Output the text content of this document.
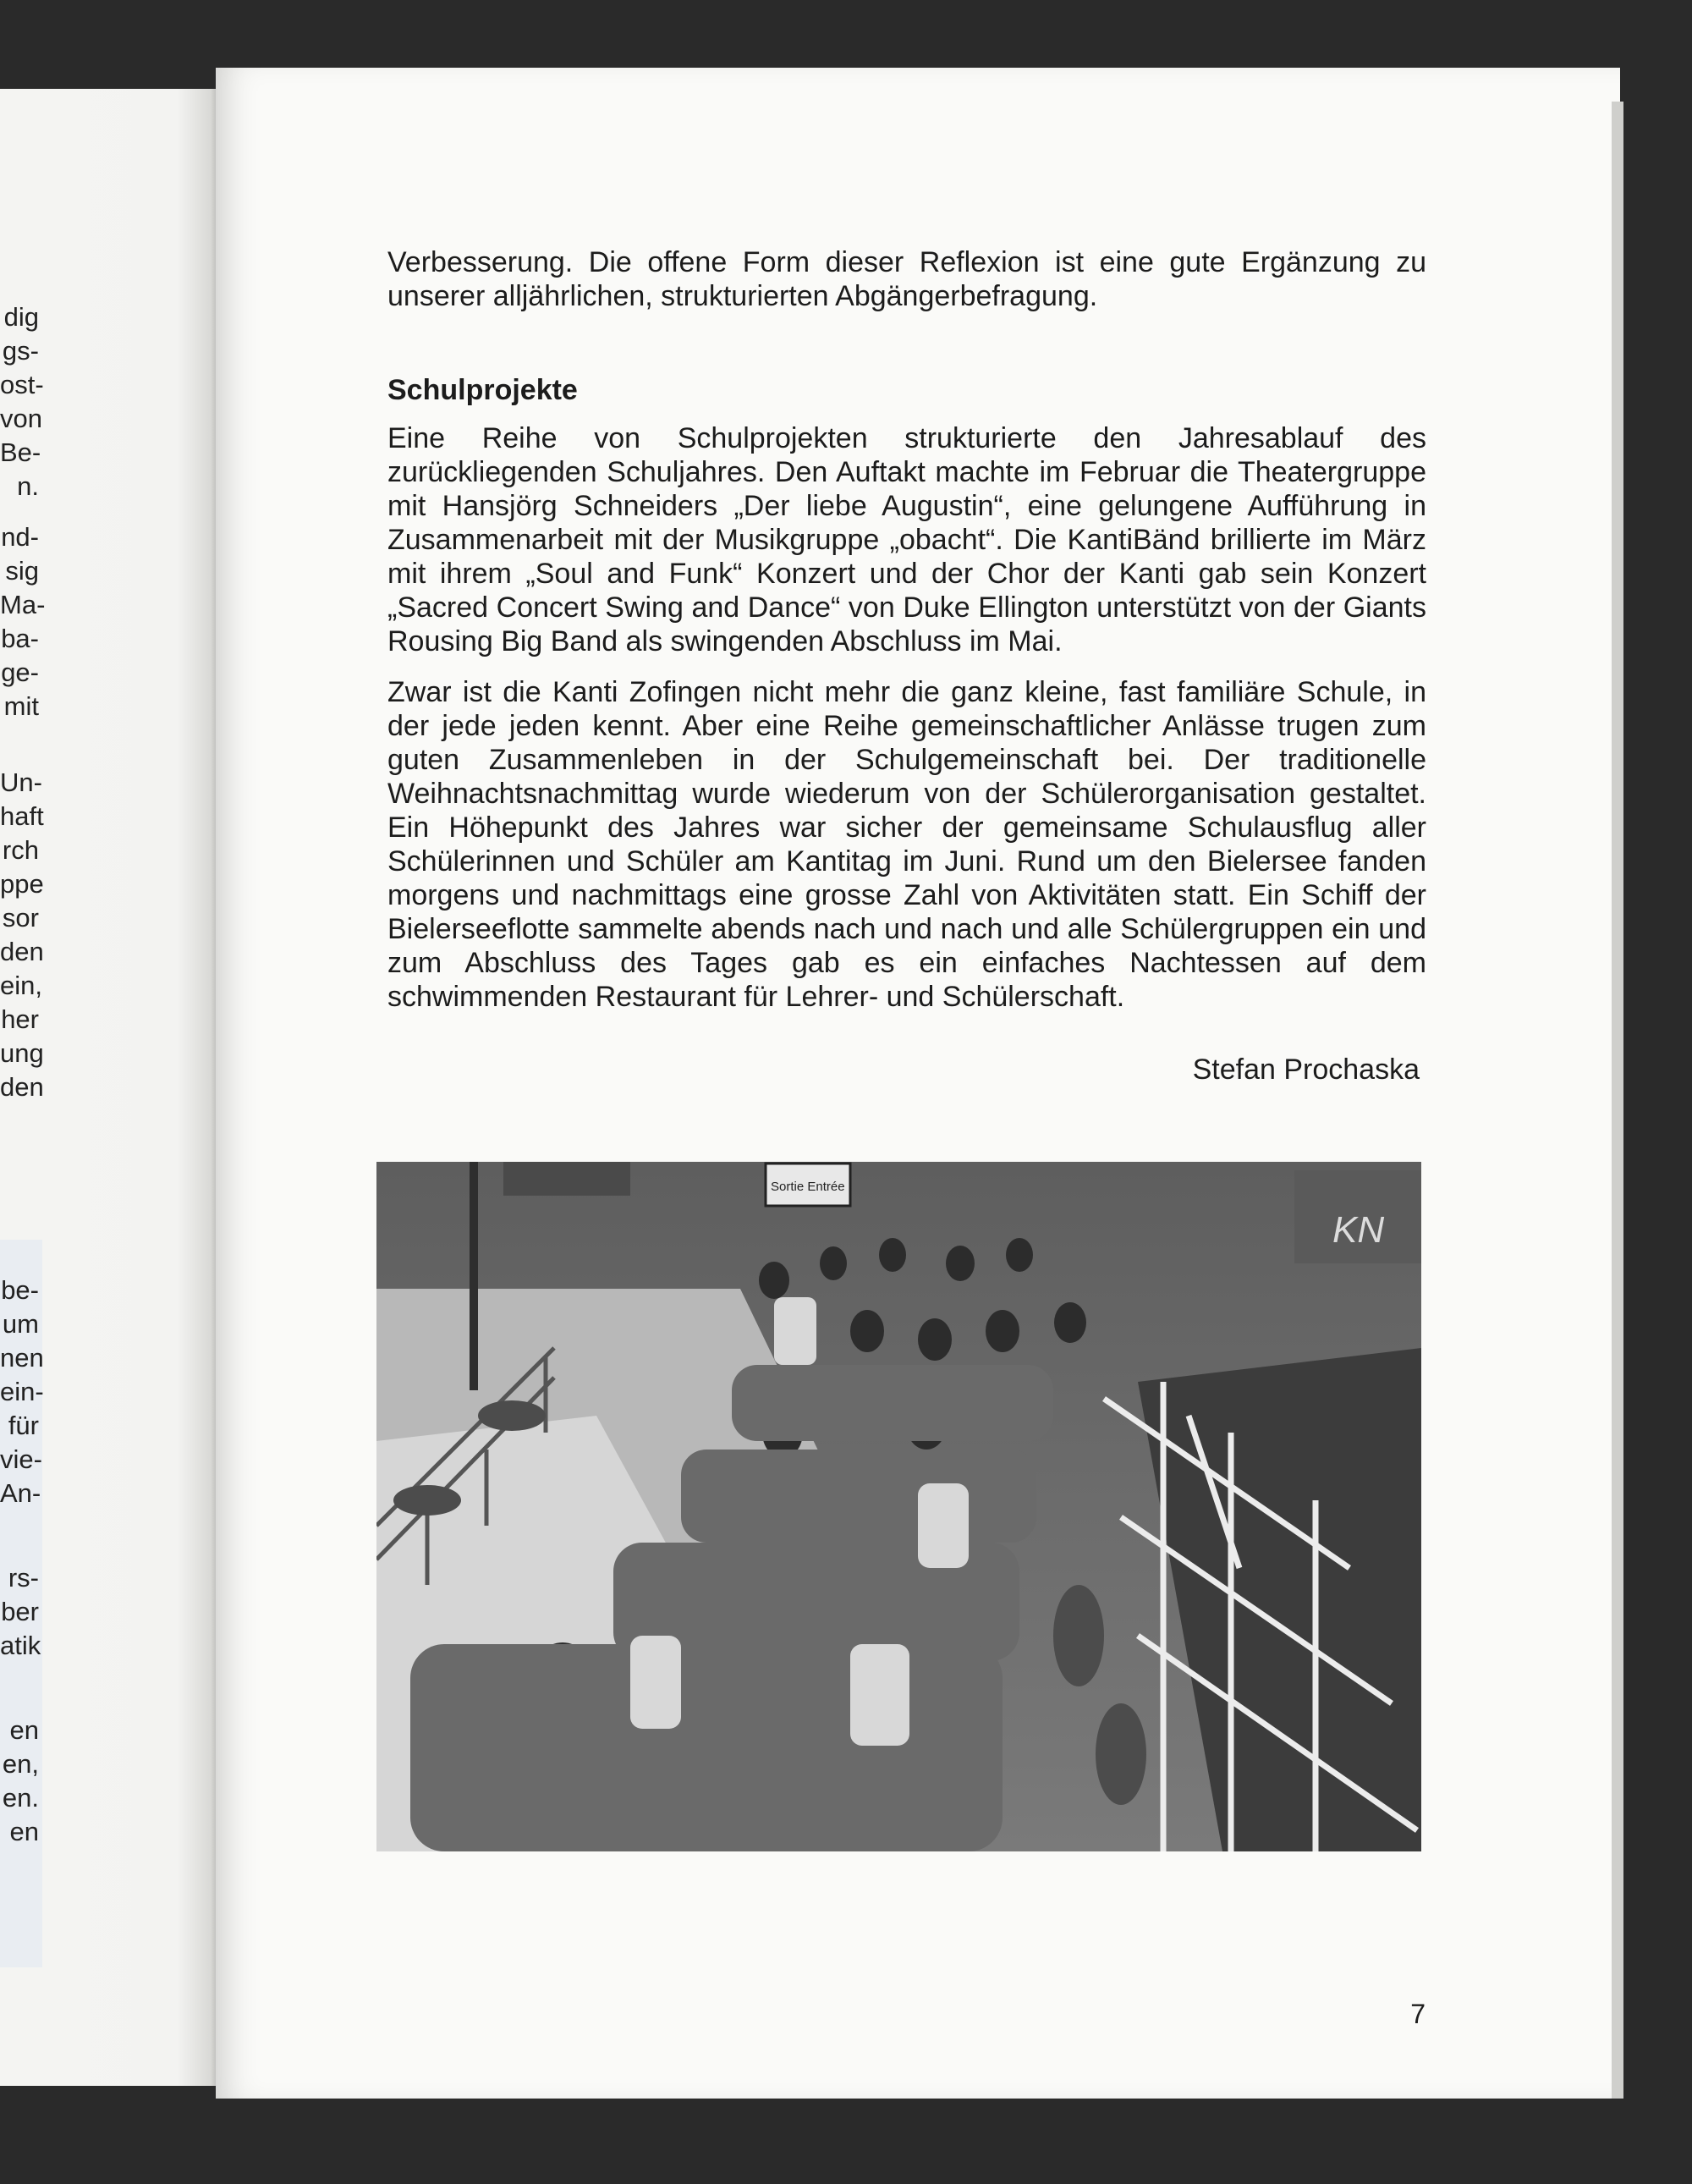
dig
gs-
ost-
von
Be-
n.
nd-
sig
Ma-
ba-
ge-
mit
Un-
haft
rch
ppe
sor
den
ein,
her
ung
den
be-
um
nen
ein-
für
vie-
An-
rs-
ber
atik
en
en,
en.
en

Verbesserung. Die offene Form dieser Reflexion ist eine gute Ergänzung zu unserer alljährlichen, strukturierten Abgängerbefragung.

Schulprojekte

Eine Reihe von Schulprojekten strukturierte den Jahresablauf des zurückliegenden Schuljahres. Den Auftakt machte im Februar die Theatergruppe mit Hansjörg Schneiders „Der liebe Augustin“, eine gelungene Aufführung in Zusammenarbeit mit der Musikgruppe „obacht“. Die KantiBänd brillierte im März mit ihrem „Soul and Funk“ Konzert und der Chor der Kanti gab sein Konzert „Sacred Concert Swing and Dance“ von Duke Ellington unterstützt von der Giants Rousing Big Band als swingenden Abschluss im Mai.

Zwar ist die Kanti Zofingen nicht mehr die ganz kleine, fast familiäre Schule, in der jede jeden kennt. Aber eine Reihe gemeinschaftlicher Anlässe trugen zum guten Zusammenleben in der Schulgemeinschaft bei. Der traditionelle Weihnachtsnachmittag wurde wiederum von der Schülerorganisation gestaltet. Ein Höhepunkt des Jahres war sicher der gemeinsame Schulausflug aller Schülerinnen und Schüler am Kantitag im Juni. Rund um den Bielersee fanden morgens und nachmittags eine grosse Zahl von Aktivitäten statt. Ein Schiff der Bielerseeflotte sammelte abends nach und nach und alle Schülergruppen ein und zum Abschluss des Tages gab es ein einfaches Nachtessen auf dem schwimmenden Restaurant für Lehrer- und Schülerschaft.

Stefan Prochaska
KN
Sortie Entrée
7
